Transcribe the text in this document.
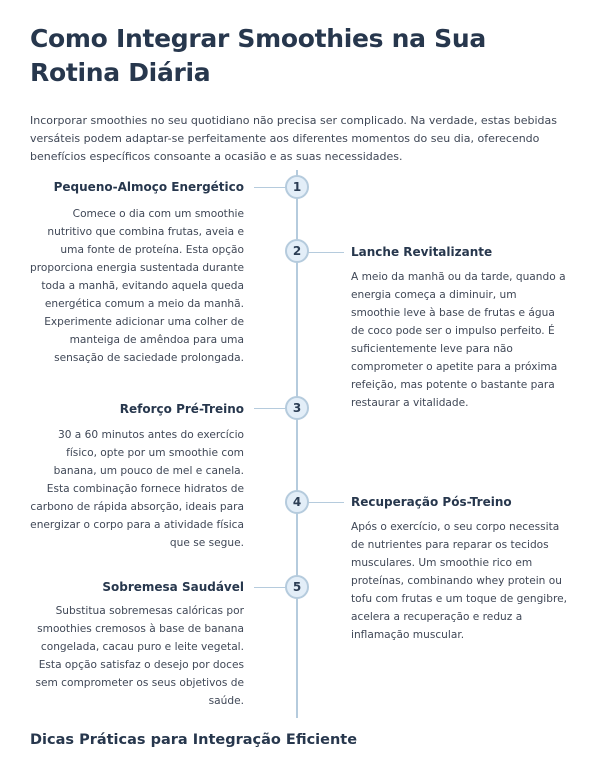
Como Integrar Smoothies na Sua Rotina Diária
Incorporar smoothies no seu quotidiano não precisa ser complicado. Na verdade, estas bebidas versáteis podem adaptar-se perfeitamente aos diferentes momentos do seu dia, oferecendo benefícios específicos consoante a ocasião e as suas necessidades.
1
Pequeno-Almoço Energético
Comece o dia com um smoothie nutritivo que combina frutas, aveia e uma fonte de proteína. Esta opção proporciona energia sustentada durante toda a manhã, evitando aquela queda energética comum a meio da manhã. Experimente adicionar uma colher de manteiga de amêndoa para uma sensação de saciedade prolongada.
2	Lanche Revitalizante
A meio da manhã ou da tarde, quando a energia começa a diminuir, um smoothie leve à base de frutas e água de coco pode ser o impulso perfeito. É suficientemente leve para não comprometer o apetite para a próxima refeição, mas potente o bastante para restaurar a vitalidade.
3
Reforço Pré-Treino
30 a 60 minutos antes do exercício físico, opte por um smoothie com banana, um pouco de mel e canela. Esta combinação fornece hidratos de carbono de rápida absorção, ideais para energizar o corpo para a atividade física que se segue.
4	Recuperação Pós-Treino
Após o exercício, o seu corpo necessita de nutrientes para reparar os tecidos musculares. Um smoothie rico em proteínas, combinando whey protein ou tofu com frutas e um toque de gengibre, acelera a recuperação e reduz a inflamação muscular.
5
Sobremesa Saudável
Substitua sobremesas calóricas por smoothies cremosos à base de banana congelada, cacau puro e leite vegetal. Esta opção satisfaz o desejo por doces sem comprometer os seus objetivos de saúde.
Dicas Práticas para Integração Eficiente
